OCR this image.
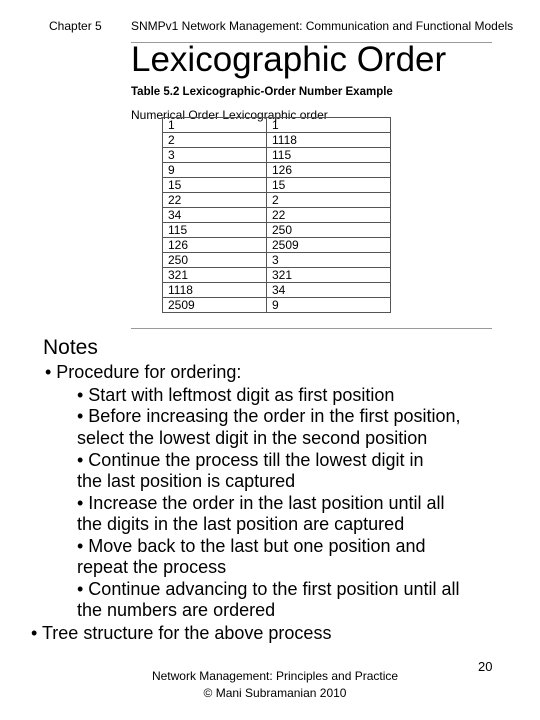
Chapter 5 SNMPv1 Network Management: Communication and Functional Models
Lexicographic Order
Table 5.2 Lexicographic-Order Number Example
Numerical Order Lexicographic order
1	1
2	1118
3	115
9	126
15	15
22	2
34	22
115	250
126	2509
250	3
321	321
1118	34
2509	9
Notes
• Procedure for ordering:
• Start with leftmost digit as first position
• Before increasing the order in the first position,
select the lowest digit in the second position
• Continue the process till the lowest digit in
the last position is captured
• Increase the order in the last position until all
the digits in the last position are captured
• Move back to the last but one position and
repeat the process
• Continue advancing to the first position until all
the numbers are ordered
• Tree structure for the above process
Network Management: Principles and Practice
© Mani Subramanian 2010
20
